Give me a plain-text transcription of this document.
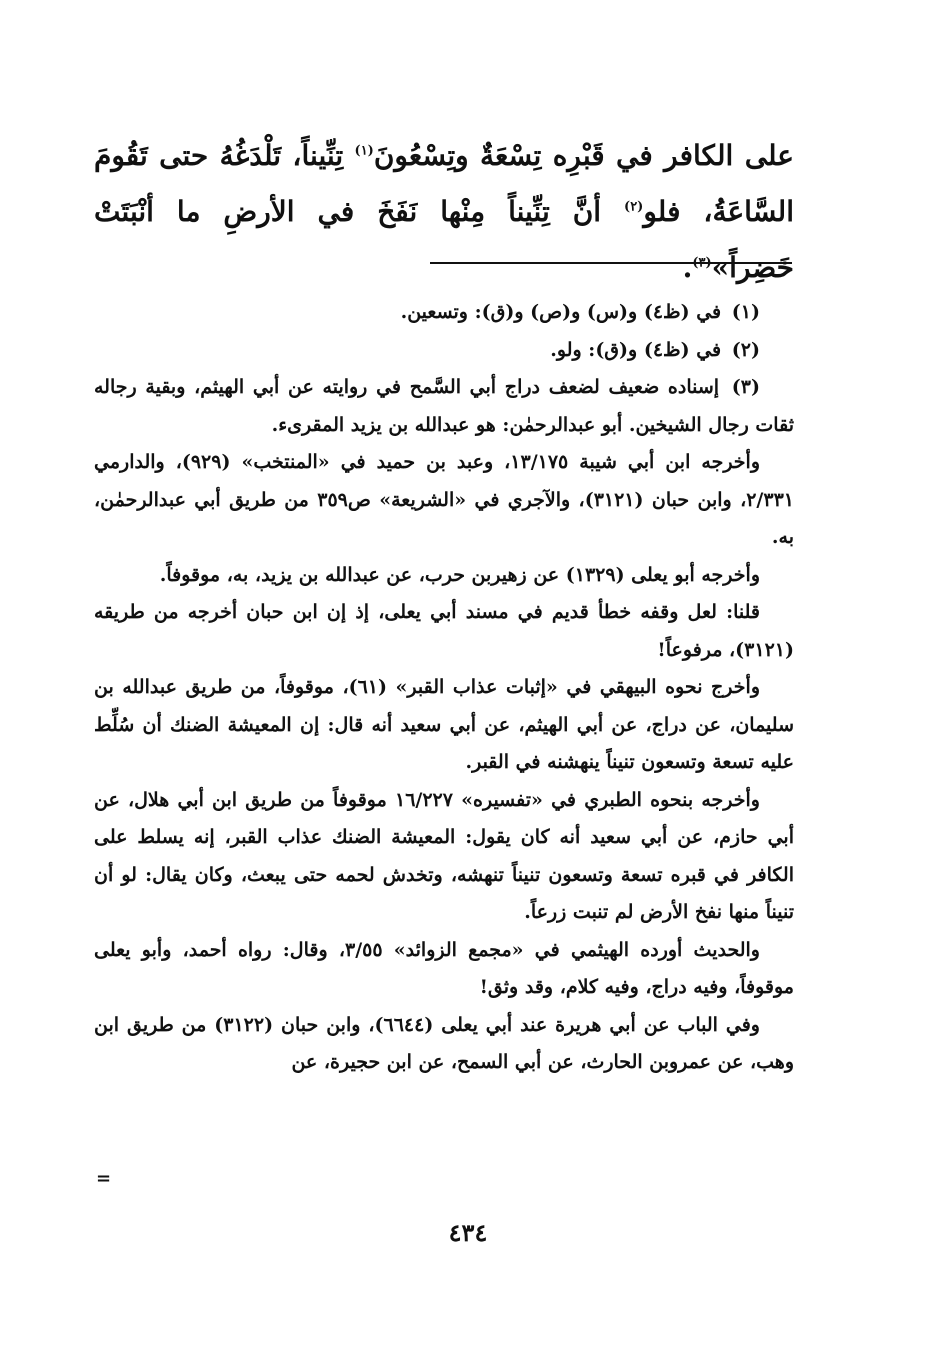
على الكافر في قَبْرِه تِسْعَةٌ وتِسْعُونَ$^{(١)}$ تِنِّيناً، تَلْدَغُهُ حتى تَقُومَ السَّاعَةُ، فلو$^{(٢)}$ أنَّ تِنِّيناً مِنْها نَفَخَ في الأرضِ ما أنْبَتَتْ خَضِراً»$^{(٣)}$.

(١) في (ظ٤) و(س) و(ص) و(ق): وتسعين.

(٢) في (ظ٤) و(ق): ولو.

(٣) إسناده ضعيف لضعف دراج أبي السَّمح في روايته عن أبي الهيثم، وبقية رجاله ثقات رجال الشيخين. أبو عبدالرحمٰن: هو عبدالله بن يزيد المقرىء.

وأخرجه ابن أبي شيبة ١٣/١٧٥، وعبد بن حميد في «المنتخب» (٩٢٩)، والدارمي ٢/٣٣١، وابن حبان (٣١٢١)، والآجري في «الشريعة» ص٣٥٩ من طريق أبي عبدالرحمٰن، به.

وأخرجه أبو يعلى (١٣٢٩) عن زهيربن حرب، عن عبدالله بن يزيد، به، موقوفاً.

قلنا: لعل وقفه خطأ قديم في مسند أبي يعلى، إذ إن ابن حبان أخرجه من طريقه (٣١٢١)، مرفوعاً!

وأخرج نحوه البيهقي في «إثبات عذاب القبر» (٦١)، موقوفاً، من طريق عبدالله بن سليمان، عن دراج، عن أبي الهيثم، عن أبي سعيد أنه قال: إن المعيشة الضنك أن سُلِّط عليه تسعة وتسعون تنيناً ينهشنه في القبر.

وأخرجه بنحوه الطبري في «تفسيره» ١٦/٢٢٧ موقوفاً من طريق ابن أبي هلال، عن أبي حازم، عن أبي سعيد أنه كان يقول: المعيشة الضنك عذاب القبر، إنه يسلط على الكافر في قبره تسعة وتسعون تنيناً تنهشه، وتخدش لحمه حتى يبعث، وكان يقال: لو أن تنيناً منها نفخ الأرض لم تنبت زرعاً.

والحديث أورده الهيثمي في «مجمع الزوائد» ٣/٥٥، وقال: رواه أحمد، وأبو يعلى موقوفاً، وفيه دراج، وفيه كلام، وقد وثق!

وفي الباب عن أبي هريرة عند أبي يعلى (٦٦٤٤)، وابن حبان (٣١٢٢) من طريق ابن وهب، عن عمروبن الحارث، عن أبي السمح، عن ابن حجيرة، عن

=
٤٣٤
